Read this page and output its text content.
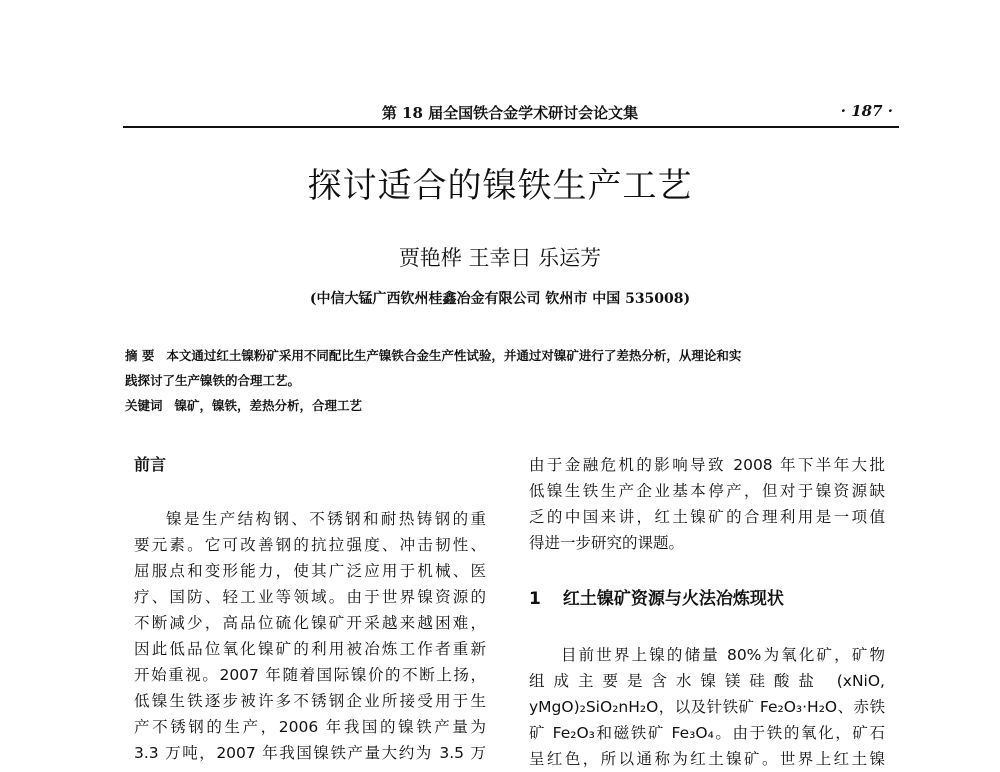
第 18 届全国铁合金学术研讨会论文集	· 187 ·
探讨适合的镍铁生产工艺
贾艳桦 王幸日 乐运芳
(中信大锰广西钦州桂鑫冶金有限公司 钦州市 中国 535008)
摘 要 本文通过红土镍粉矿采用不同配比生产镍铁合金生产性试验，并通过对镍矿进行了差热分析，从理论和实
践探讨了生产镍铁的合理工艺。
关键词 镍矿，镍铁，差热分析，合理工艺
前言
镍是生产结构钢、不锈钢和耐热铸钢的重
要元素。它可改善钢的抗拉强度、冲击韧性、
屈服点和变形能力，使其广泛应用于机械、医
疗、国防、轻工业等领域。由于世界镍资源的
不断减少，高品位硫化镍矿开采越来越困难，
因此低品位氧化镍矿的利用被冶炼工作者重新
开始重视。2007 年随着国际镍价的不断上扬，
低镍生铁逐步被许多不锈钢企业所接受用于生
产不锈钢的生产，2006 年我国的镍铁产量为
3.3 万吨，2007 年我国镍铁产量大约为 3.5 万
由于金融危机的影响导致 2008 年下半年大批
低镍生铁生产企业基本停产，但对于镍资源缺
乏的中国来讲，红土镍矿的合理利用是一项值
得进一步研究的课题。
1 红土镍矿资源与火法冶炼现状
目前世界上镍的储量 80%为氧化矿，矿物
组成主要是含水镍镁硅酸盐 (xNiO,
yMgO)₂SiO₂nH₂O，以及针铁矿 Fe₂O₃·H₂O、赤铁
矿 Fe₂O₃和磁铁矿 Fe₃O₄。由于铁的氧化，矿石
呈红色，所以通称为红土镍矿。世界上红土镍
